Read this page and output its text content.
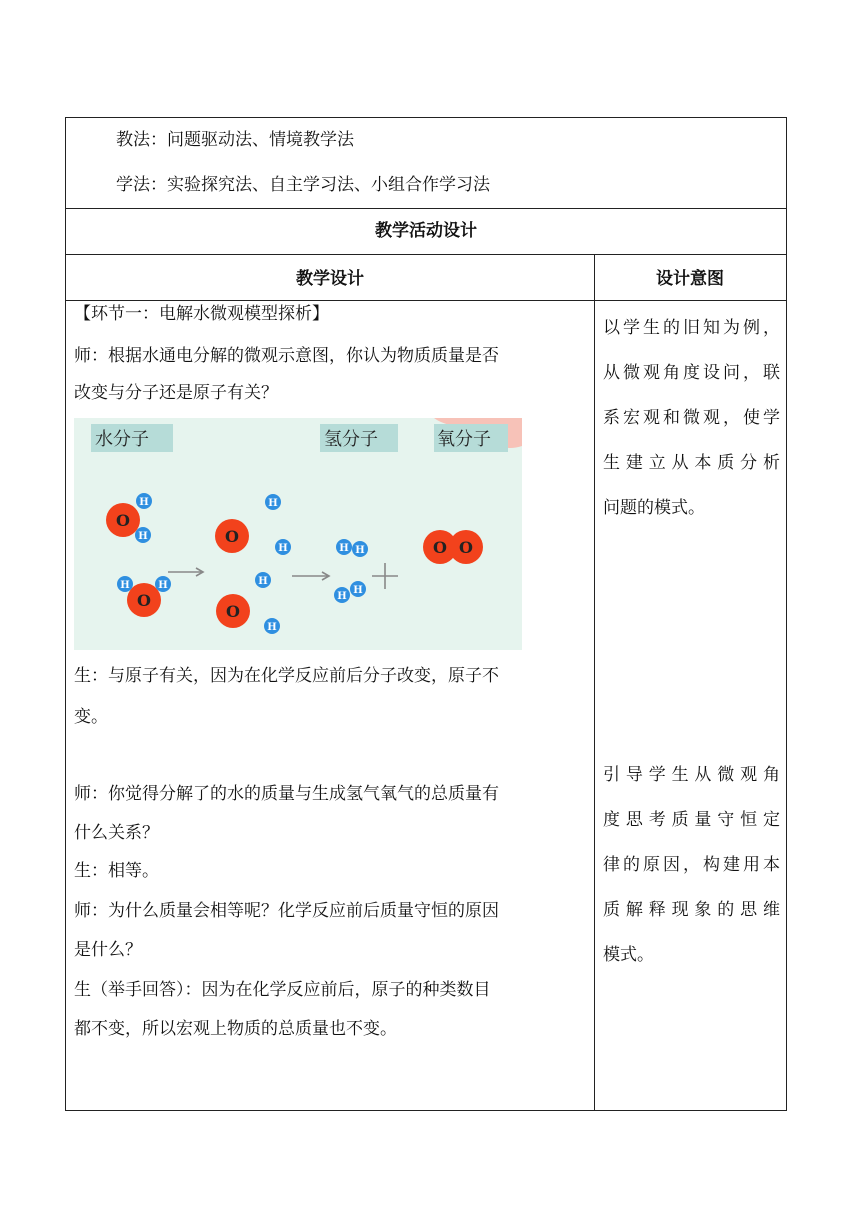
教法：问题驱动法、情境教学法
学法：实验探究法、自主学习法、小组合作学习法
教学活动设计
教学设计	设计意图
【环节一：电解水微观模型探析】
师：根据水通电分解的微观示意图，你认为物质质量是否
改变与分子还是原子有关？
水分子	氢分子	氧分子
O
H
H
O
H	H
O
O
H
H
H
H
H H
H
H
O O
生：与原子有关，因为在化学反应前后分子改变，原子不
变。
师：你觉得分解了的水的质量与生成氢气氧气的总质量有
什么关系？
生：相等。
师：为什么质量会相等呢？化学反应前后质量守恒的原因
是什么？
生（举手回答）：因为在化学反应前后，原子的种类数目
都不变，所以宏观上物质的总质量也不变。
以学生的旧知为例，
从微观角度设问，联
系宏观和微观，使学
生建立从本质分析
问题的模式。
引导学生从微观角
度思考质量守恒定
律的原因，构建用本
质解释现象的思维
模式。
